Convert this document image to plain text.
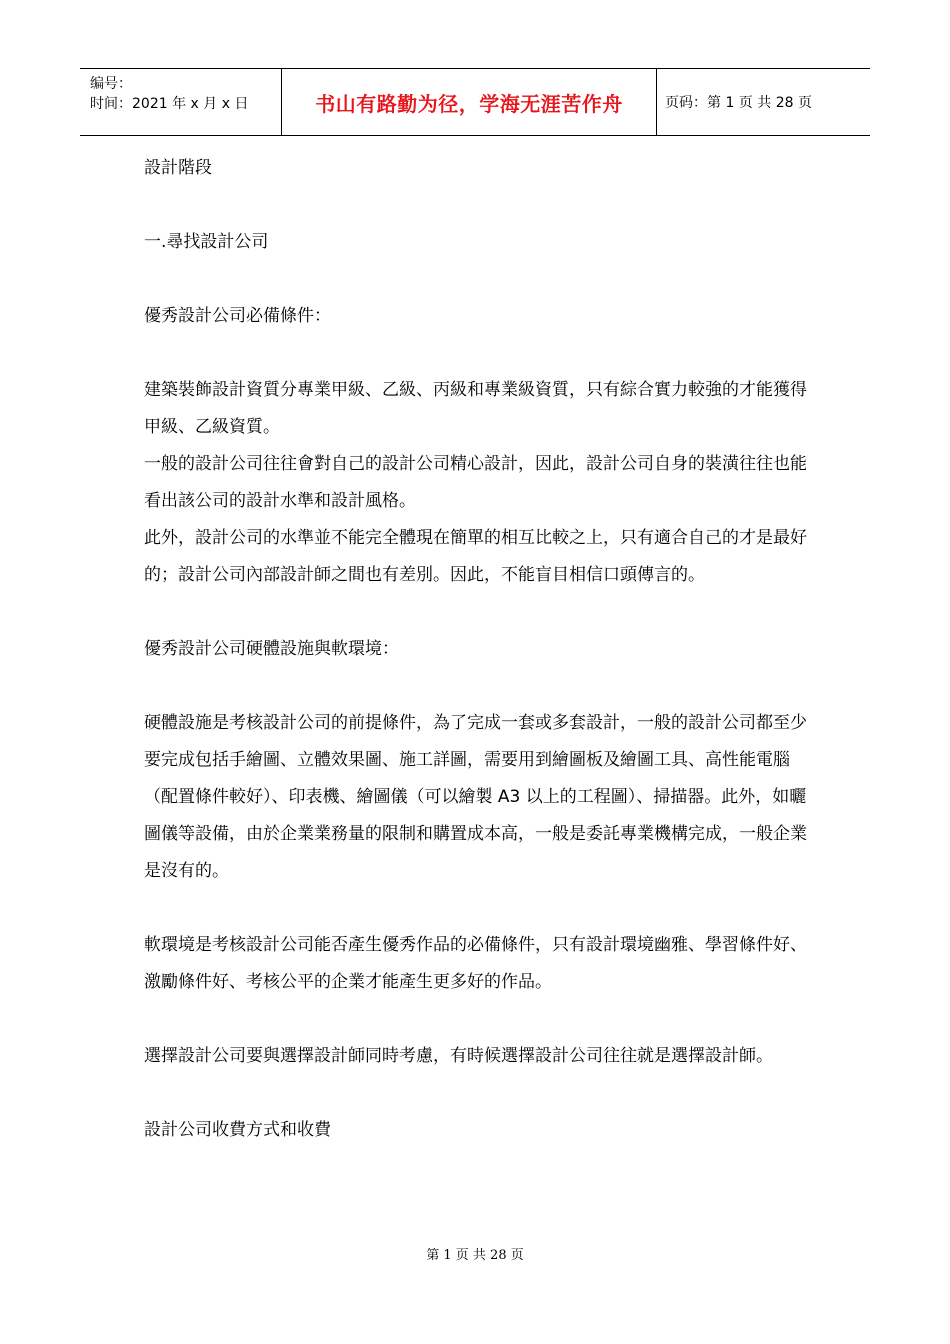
编号：
时间：2021 年 x 月 x 日	书山有路勤为径，学海无涯苦作舟	页码：第 1 页 共 28 页

設計階段

一.尋找設計公司

優秀設計公司必備條件：

建築裝飾設計資質分專業甲級、乙級、丙級和專業級資質，只有綜合實力較強的才能獲得甲級、乙級資質。

一般的設計公司往往會對自己的設計公司精心設計，因此，設計公司自身的裝潢往往也能看出該公司的設計水準和設計風格。

此外，設計公司的水準並不能完全體現在簡單的相互比較之上，只有適合自己的才是最好的；設計公司內部設計師之間也有差別。因此，不能盲目相信口頭傳言的。

優秀設計公司硬體設施與軟環境：

硬體設施是考核設計公司的前提條件，為了完成一套或多套設計，一般的設計公司都至少要完成包括手繪圖、立體效果圖、施工詳圖，需要用到繪圖板及繪圖工具、高性能電腦（配置條件較好）、印表機、繪圖儀（可以繪製 A3 以上的工程圖）、掃描器。此外，如曬圖儀等設備，由於企業業務量的限制和購置成本高，一般是委託專業機構完成，一般企業是沒有的。

軟環境是考核設計公司能否產生優秀作品的必備條件，只有設計環境幽雅、學習條件好、激勵條件好、考核公平的企業才能產生更多好的作品。

選擇設計公司要與選擇設計師同時考慮，有時候選擇設計公司往往就是選擇設計師。

設計公司收費方式和收費

第 1 页 共 28 页
